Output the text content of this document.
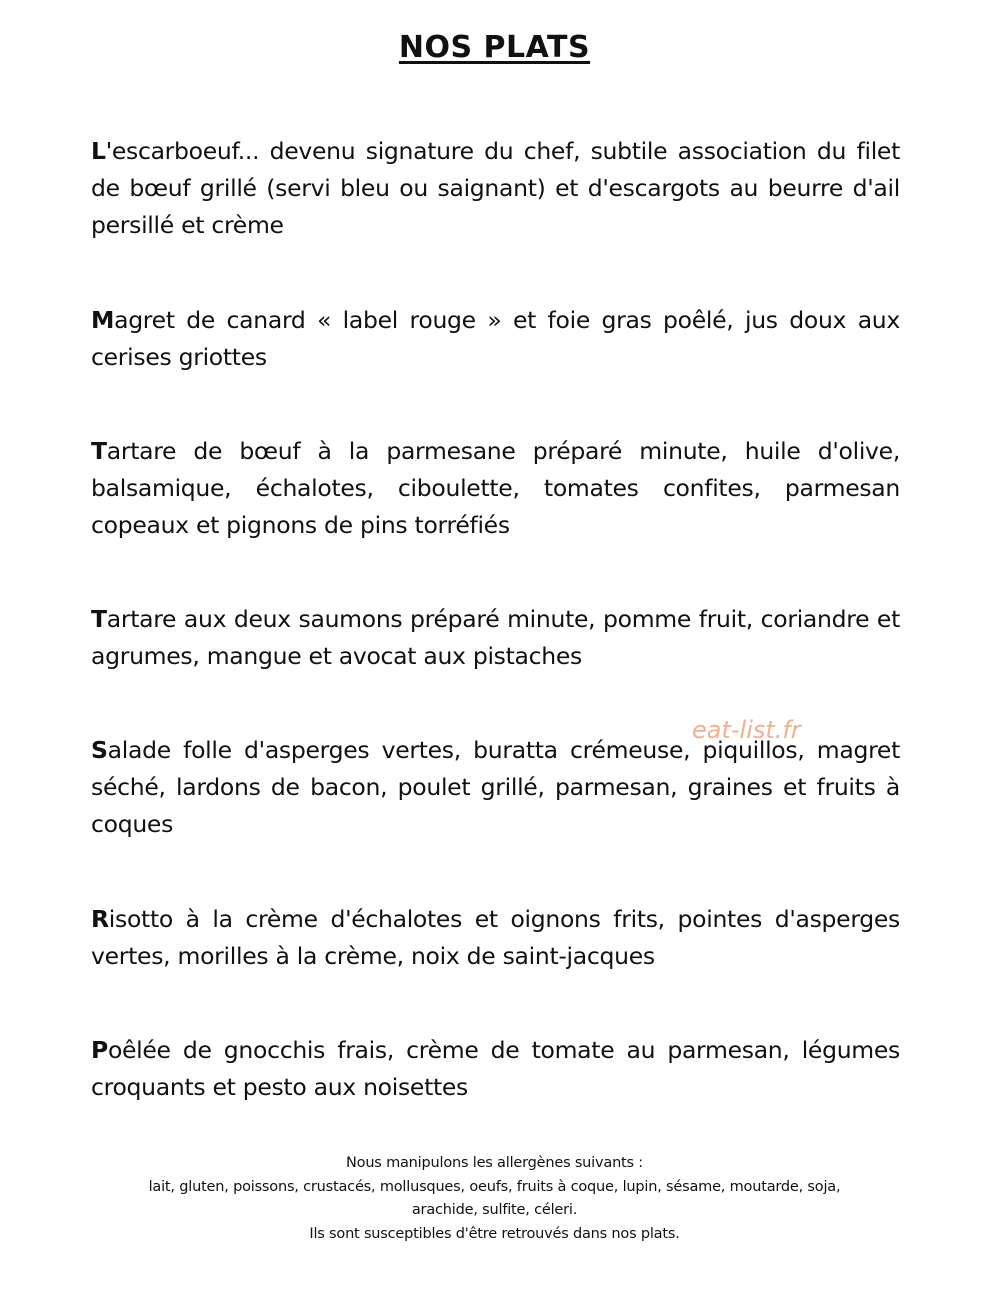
NOS PLATS

L'escarboeuf... devenu signature du chef, subtile association du filet de bœuf grillé (servi bleu ou saignant) et d'escargots au beurre d'ail persillé et crème

Magret de canard « label rouge » et foie gras poêlé, jus doux aux cerises griottes

Tartare de bœuf à la parmesane préparé minute, huile d'olive, balsamique, échalotes, ciboulette, tomates confites, parmesan copeaux et pignons de pins torréfiés

Tartare aux deux saumons préparé minute, pomme fruit, coriandre et agrumes, mangue et avocat aux pistaches

Salade folle d'asperges vertes, buratta crémeuse, piquillos, magret séché, lardons de bacon, poulet grillé, parmesan, graines et fruits à coques

Risotto à la crème d'échalotes et oignons frits, pointes d'asperges vertes, morilles à la crème, noix de saint-jacques

Poêlée de gnocchis frais, crème de tomate au parmesan, légumes croquants et pesto aux noisettes

eat-list.fr
Nous manipulons les allergènes suivants :
lait, gluten, poissons, crustacés, mollusques, oeufs, fruits à coque, lupin, sésame, moutarde, soja,
arachide, sulfite, céleri.
Ils sont susceptibles d'être retrouvés dans nos plats.
